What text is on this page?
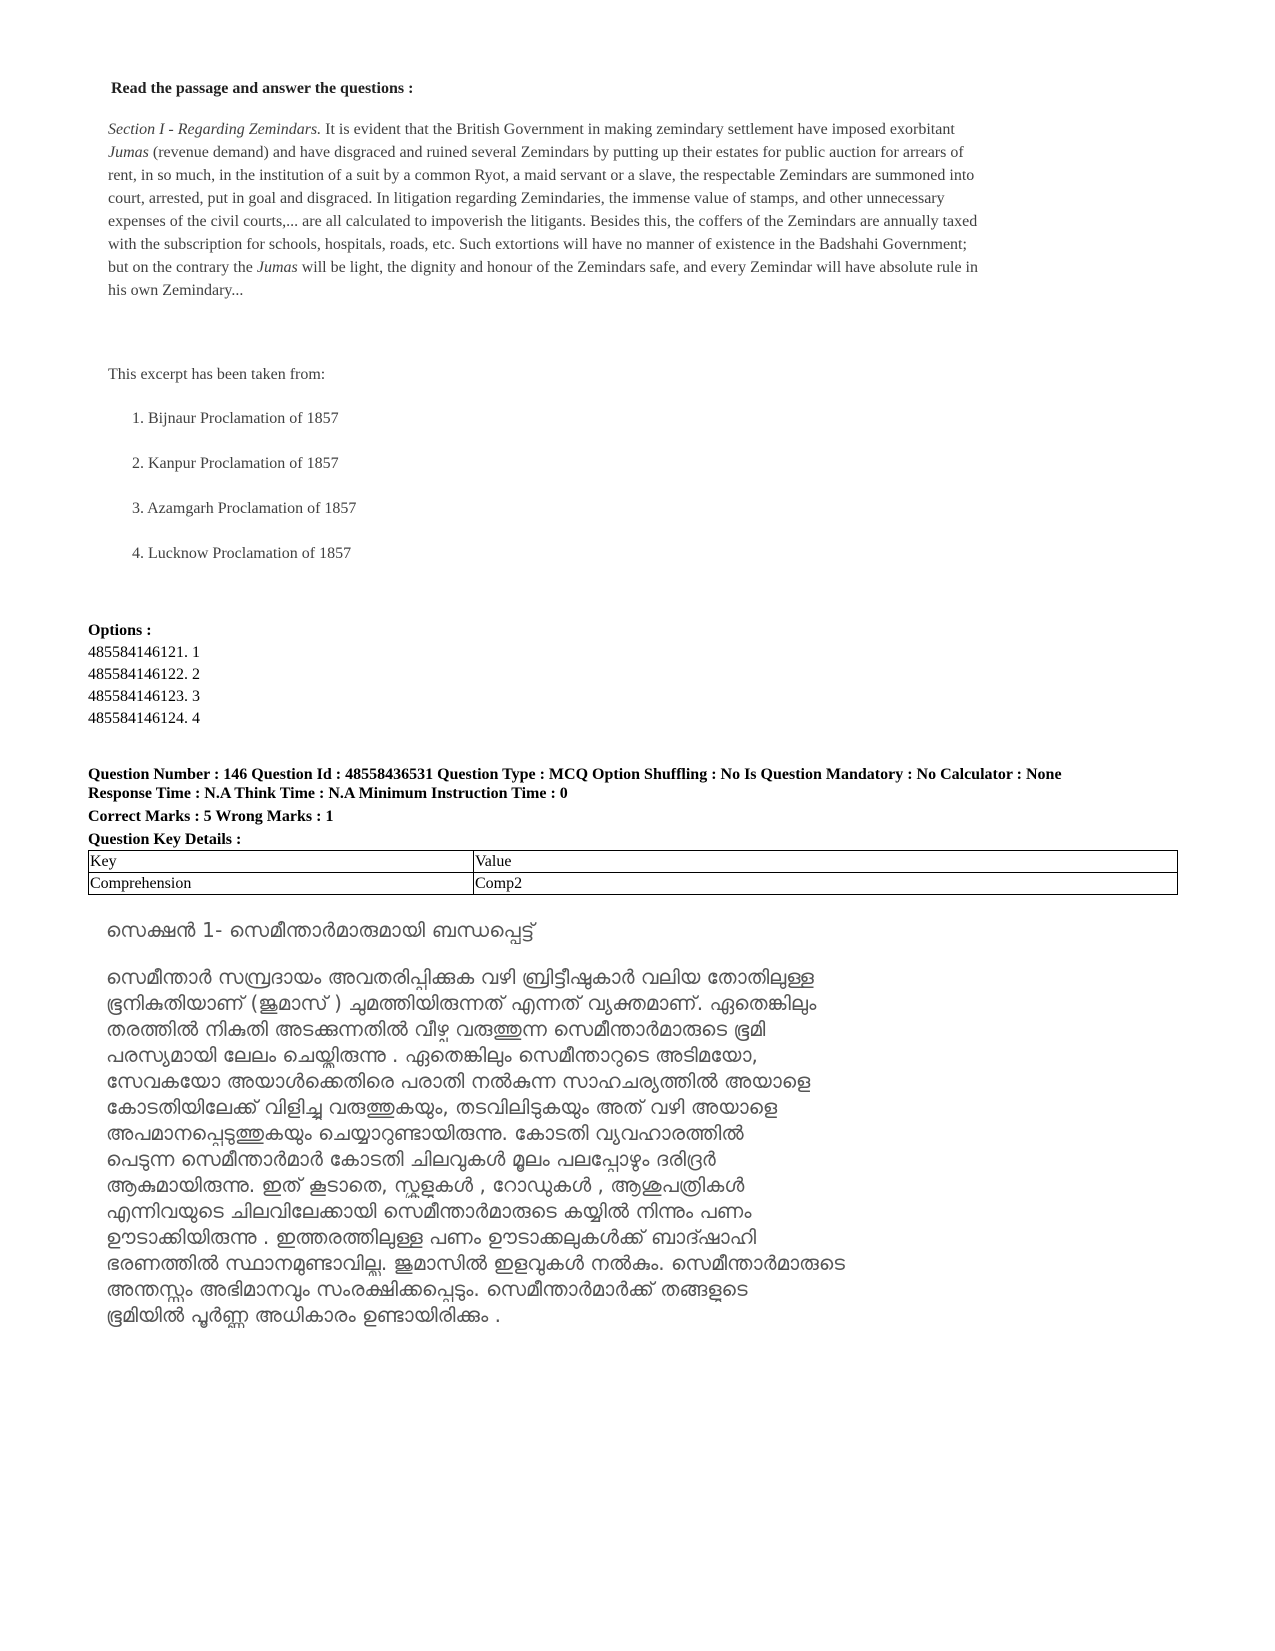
Read the passage and answer the questions :

Section I - Regarding Zemindars. It is evident that the British Government in making zemindary settlement have imposed exorbitant Jumas (revenue demand) and have disgraced and ruined several Zemindars by putting up their estates for public auction for arrears of rent, in so much, in the institution of a suit by a common Ryot, a maid servant or a slave, the respectable Zemindars are summoned into court, arrested, put in goal and disgraced. In litigation regarding Zemindaries, the immense value of stamps, and other unnecessary expenses of the civil courts,... are all calculated to impoverish the litigants. Besides this, the coffers of the Zemindars are annually taxed with the subscription for schools, hospitals, roads, etc. Such extortions will have no manner of existence in the Badshahi Government; but on the contrary the Jumas will be light, the dignity and honour of the Zemindars safe, and every Zemindar will have absolute rule in his own Zemindary...

This excerpt has been taken from:

1. Bijnaur Proclamation of 1857
2. Kanpur Proclamation of 1857
3. Azamgarh Proclamation of 1857
4. Lucknow Proclamation of 1857
Options :
485584146121. 1
485584146122. 2
485584146123. 3
485584146124. 4
Question Number : 146 Question Id : 48558436531 Question Type : MCQ Option Shuffling : No Is Question Mandatory : No Calculator : None
Response Time : N.A Think Time : N.A Minimum Instruction Time : 0
Correct Marks : 5 Wrong Marks : 1
Question Key Details :
Key	Value
Comprehension	Comp2
സെക്ഷൻ 1- സെമീന്താർമാരുമായി ബന്ധപ്പെട്ട്
സെമീന്താർ സമ്പ്രദായം അവതരിപ്പിക്കുക വഴി ബ്രിട്ടീഷുകാർ വലിയ തോതിലുള്ള
ഭൂനികുതിയാണ് (ജുമാസ് ) ചുമത്തിയിരുന്നത് എന്നത് വ്യക്തമാണ്. ഏതെങ്കിലും
തരത്തിൽ നികുതി അടക്കുന്നതിൽ വീഴ്ച വരുത്തുന്ന സെമീന്താർമാരുടെ ഭൂമി
പരസ്യമായി ലേലം ചെയ്തിരുന്നു . ഏതെങ്കിലും സെമീന്താറുടെ അടിമയോ,
സേവകയോ അയാൾക്കെതിരെ പരാതി നൽകുന്ന സാഹചര്യത്തിൽ അയാളെ
കോടതിയിലേക്ക് വിളിച്ചു വരുത്തുകയും, തടവിലിടുകയും അത് വഴി അയാളെ
അപമാനപ്പെടുത്തുകയും ചെയ്യാറുണ്ടായിരുന്നു. കോടതി വ്യവഹാരത്തിൽ
പെടുന്ന സെമീന്താർമാർ കോടതി ചിലവുകൾ മൂലം പലപ്പോഴും ദരിദ്രർ
ആകുമായിരുന്നു. ഇത് കൂടാതെ, സ്കൂളുകൾ , റോഡുകൾ , ആശുപത്രികൾ
എന്നിവയുടെ ചിലവിലേക്കായി സെമീന്താർമാരുടെ കയ്യിൽ നിന്നും പണം
ഊടാക്കിയിരുന്നു . ഇത്തരത്തിലുള്ള പണം ഊടാക്കലുകൾക്ക് ബാദ്ഷാഹി
ഭരണത്തിൽ സ്ഥാനമുണ്ടാവില്ല. ജുമാസിൽ ഇളവുകൾ നൽകും. സെമീന്താർമാരുടെ
അന്തസ്സും അഭിമാനവും സംരക്ഷിക്കപ്പെടും. സെമീന്താർമാർക്ക് തങ്ങളുടെ
ഭൂമിയിൽ പൂർണ്ണ അധികാരം ഉണ്ടായിരിക്കും .
